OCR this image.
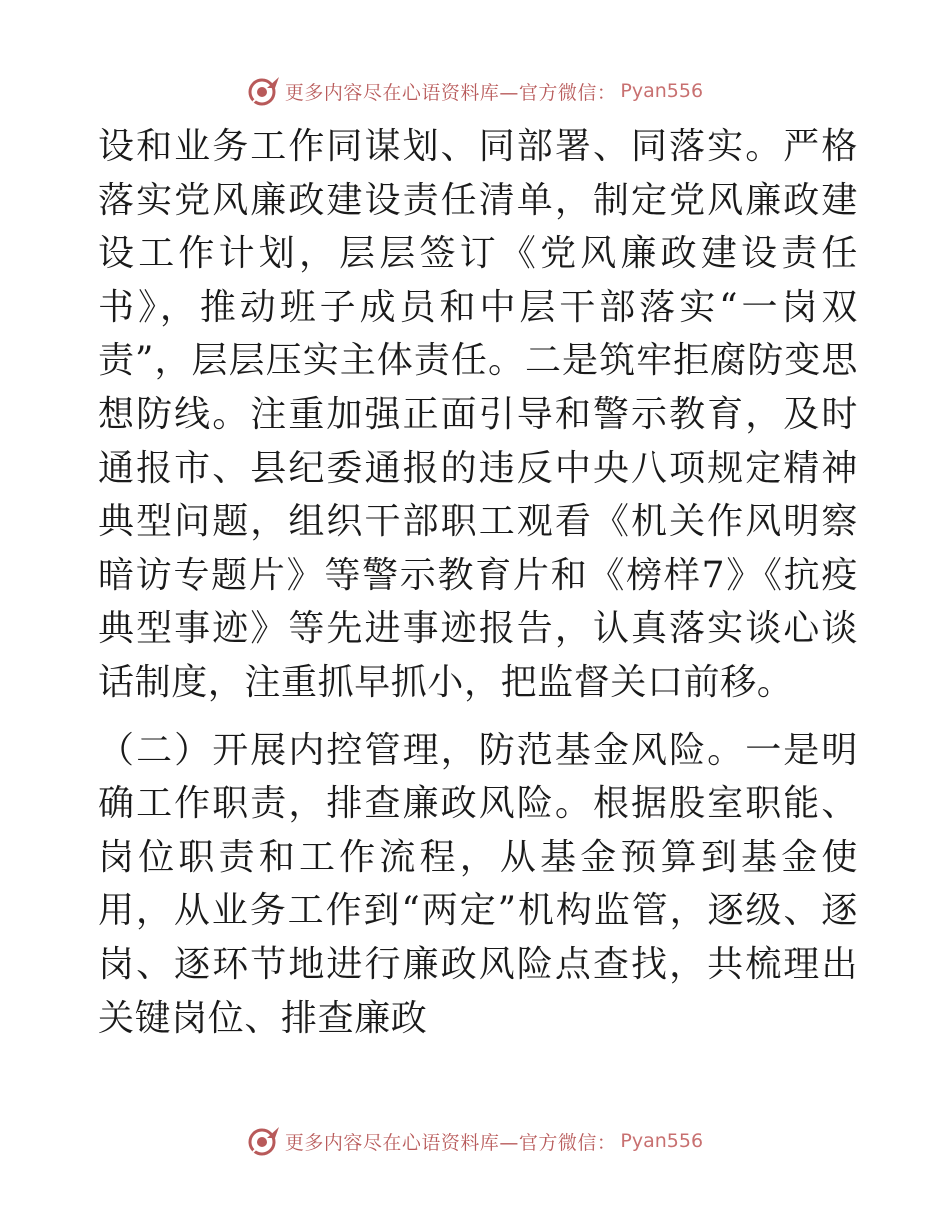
更多内容尽在心语资料库—官方微信： Pyan556

设和业务工作同谋划、同部署、同落实。严格落实党风廉政建设责任清单，制定党风廉政建设工作计划，层层签订《党风廉政建设责任书》，推动班子成员和中层干部落实“一岗双责”，层层压实主体责任。二是筑牢拒腐防变思想防线。注重加强正面引导和警示教育，及时通报市、县纪委通报的违反中央八项规定精神典型问题，组织干部职工观看《机关作风明察暗访专题片》等警示教育片和《榜样7》《抗疫典型事迹》等先进事迹报告，认真落实谈心谈话制度，注重抓早抓小，把监督关口前移。

（二）开展内控管理，防范基金风险。一是明确工作职责，排查廉政风险。根据股室职能、岗位职责和工作流程，从基金预算到基金使用，从业务工作到“两定”机构监管，逐级、逐岗、逐环节地进行廉政风险点查找，共梳理出关键岗位、排查廉政

更多内容尽在心语资料库—官方微信： Pyan556
